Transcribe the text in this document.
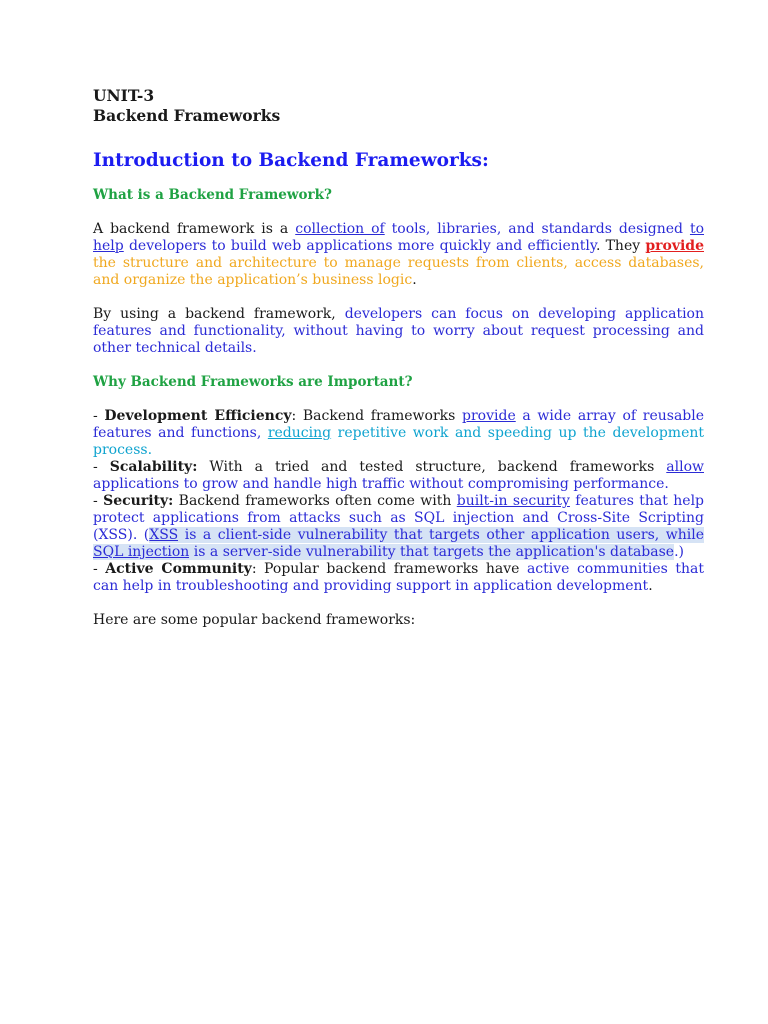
UNIT-3
Backend Frameworks

Introduction to Backend Frameworks:
What is a Backend Framework?

A backend framework is a collection of tools, libraries, and standards designed to help developers to build web applications more quickly and efficiently. They provide the structure and architecture to manage requests from clients, access databases, and organize the application’s business logic.

By using a backend framework, developers can focus on developing application features and functionality, without having to worry about request processing and other technical details.

Why Backend Frameworks are Important?

- Development Efficiency: Backend frameworks provide a wide array of reusable features and functions, reducing repetitive work and speeding up the development process.

- Scalability: With a tried and tested structure, backend frameworks allow applications to grow and handle high traffic without compromising performance.

- Security: Backend frameworks often come with built-in security features that help protect applications from attacks such as SQL injection and Cross-Site Scripting (XSS). (XSS is a client-side vulnerability that targets other application users, while SQL injection is a server-side vulnerability that targets the application's database.)

- Active Community: Popular backend frameworks have active communities that can help in troubleshooting and providing support in application development.

Here are some popular backend frameworks:
